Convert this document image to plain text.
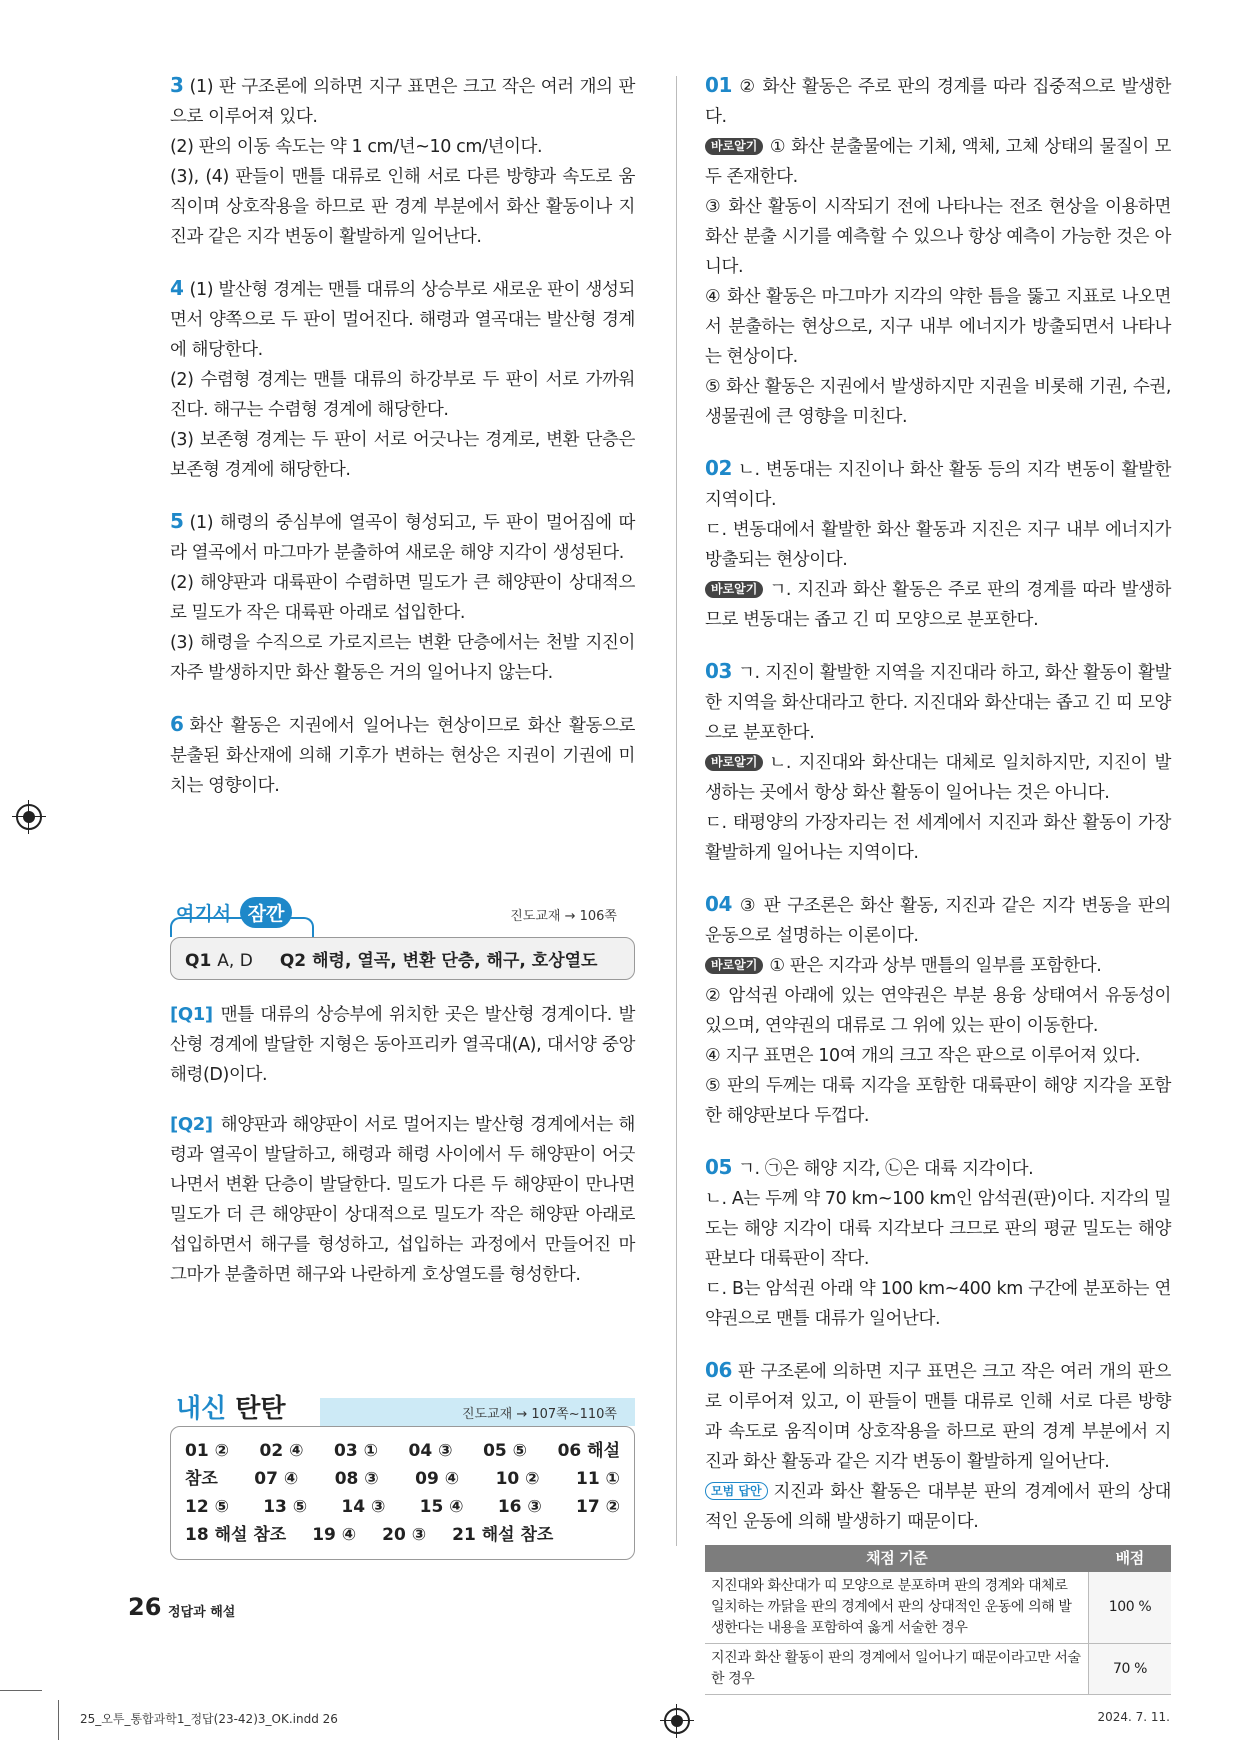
3 (1) 판 구조론에 의하면 지구 표면은 크고 작은 여러 개의 판으로 이루어져 있다.

(2) 판의 이동 속도는 약 1 cm/년~10 cm/년이다.

(3), (4) 판들이 맨틀 대류로 인해 서로 다른 방향과 속도로 움직이며 상호작용을 하므로 판 경계 부분에서 화산 활동이나 지진과 같은 지각 변동이 활발하게 일어난다.

4 (1) 발산형 경계는 맨틀 대류의 상승부로 새로운 판이 생성되면서 양쪽으로 두 판이 멀어진다. 해령과 열곡대는 발산형 경계에 해당한다.

(2) 수렴형 경계는 맨틀 대류의 하강부로 두 판이 서로 가까워진다. 해구는 수렴형 경계에 해당한다.

(3) 보존형 경계는 두 판이 서로 어긋나는 경계로, 변환 단층은 보존형 경계에 해당한다.

5 (1) 해령의 중심부에 열곡이 형성되고, 두 판이 멀어짐에 따라 열곡에서 마그마가 분출하여 새로운 해양 지각이 생성된다.

(2) 해양판과 대륙판이 수렴하면 밀도가 큰 해양판이 상대적으로 밀도가 작은 대륙판 아래로 섭입한다.

(3) 해령을 수직으로 가로지르는 변환 단층에서는 천발 지진이 자주 발생하지만 화산 활동은 거의 일어나지 않는다.

6 화산 활동은 지권에서 일어나는 현상이므로 화산 활동으로 분출된 화산재에 의해 기후가 변하는 현상은 지권이 기권에 미치는 영향이다.

여기서 잠깐	진도교재 → 106쪽
Q1 A, D Q2 해령, 열곡, 변환 단층, 해구, 호상열도

[Q1] 맨틀 대류의 상승부에 위치한 곳은 발산형 경계이다. 발산형 경계에 발달한 지형은 동아프리카 열곡대(A), 대서양 중앙 해령(D)이다.

[Q2] 해양판과 해양판이 서로 멀어지는 발산형 경계에서는 해령과 열곡이 발달하고, 해령과 해령 사이에서 두 해양판이 어긋나면서 변환 단층이 발달한다. 밀도가 다른 두 해양판이 만나면 밀도가 더 큰 해양판이 상대적으로 밀도가 작은 해양판 아래로 섭입하면서 해구를 형성하고, 섭입하는 과정에서 만들어진 마그마가 분출하면 해구와 나란하게 호상열도를 형성한다.

내신 탄탄	진도교재 → 107쪽~110쪽
01 ② 02 ④ 03 ① 04 ③ 05 ⑤ 06 해설
참조 07 ④ 08 ③ 09 ④ 10 ② 11 ①
12 ⑤ 13 ⑤ 14 ③ 15 ④ 16 ③ 17 ②
18 해설 참조 19 ④ 20 ③ 21 해설 참조

01 ② 화산 활동은 주로 판의 경계를 따라 집중적으로 발생한다.

바로알기 ① 화산 분출물에는 기체, 액체, 고체 상태의 물질이 모두 존재한다.

③ 화산 활동이 시작되기 전에 나타나는 전조 현상을 이용하면 화산 분출 시기를 예측할 수 있으나 항상 예측이 가능한 것은 아니다.

④ 화산 활동은 마그마가 지각의 약한 틈을 뚫고 지표로 나오면서 분출하는 현상으로, 지구 내부 에너지가 방출되면서 나타나는 현상이다.

⑤ 화산 활동은 지권에서 발생하지만 지권을 비롯해 기권, 수권, 생물권에 큰 영향을 미친다.

02 ㄴ. 변동대는 지진이나 화산 활동 등의 지각 변동이 활발한 지역이다.

ㄷ. 변동대에서 활발한 화산 활동과 지진은 지구 내부 에너지가 방출되는 현상이다.

바로알기 ㄱ. 지진과 화산 활동은 주로 판의 경계를 따라 발생하므로 변동대는 좁고 긴 띠 모양으로 분포한다.

03 ㄱ. 지진이 활발한 지역을 지진대라 하고, 화산 활동이 활발한 지역을 화산대라고 한다. 지진대와 화산대는 좁고 긴 띠 모양으로 분포한다.

바로알기 ㄴ. 지진대와 화산대는 대체로 일치하지만, 지진이 발생하는 곳에서 항상 화산 활동이 일어나는 것은 아니다.

ㄷ. 태평양의 가장자리는 전 세계에서 지진과 화산 활동이 가장 활발하게 일어나는 지역이다.

04 ③ 판 구조론은 화산 활동, 지진과 같은 지각 변동을 판의 운동으로 설명하는 이론이다.

바로알기 ① 판은 지각과 상부 맨틀의 일부를 포함한다.

② 암석권 아래에 있는 연약권은 부분 용융 상태여서 유동성이 있으며, 연약권의 대류로 그 위에 있는 판이 이동한다.

④ 지구 표면은 10여 개의 크고 작은 판으로 이루어져 있다.

⑤ 판의 두께는 대륙 지각을 포함한 대륙판이 해양 지각을 포함한 해양판보다 두껍다.

05 ㄱ. ㉠은 해양 지각, ㉡은 대륙 지각이다.

ㄴ. A는 두께 약 70 km~100 km인 암석권(판)이다. 지각의 밀도는 해양 지각이 대륙 지각보다 크므로 판의 평균 밀도는 해양판보다 대륙판이 작다.

ㄷ. B는 암석권 아래 약 100 km~400 km 구간에 분포하는 연약권으로 맨틀 대류가 일어난다.

06 판 구조론에 의하면 지구 표면은 크고 작은 여러 개의 판으로 이루어져 있고, 이 판들이 맨틀 대류로 인해 서로 다른 방향과 속도로 움직이며 상호작용을 하므로 판의 경계 부분에서 지진과 화산 활동과 같은 지각 변동이 활발하게 일어난다.

모범 답안 지진과 화산 활동은 대부분 판의 경계에서 판의 상대적인 운동에 의해 발생하기 때문이다.

채점 기준	배점
지진대와 화산대가 띠 모양으로 분포하며 판의 경계와 대체로 일치하는 까닭을 판의 경계에서 판의 상대적인 운동에 의해 발생한다는 내용을 포함하여 옳게 서술한 경우	100 %
지진과 화산 활동이 판의 경계에서 일어나기 때문이라고만 서술한 경우	70 %
26 정답과 해설
25_오투_통합과학1_정답(23-42)3_OK.indd 26	2024. 7. 11.
